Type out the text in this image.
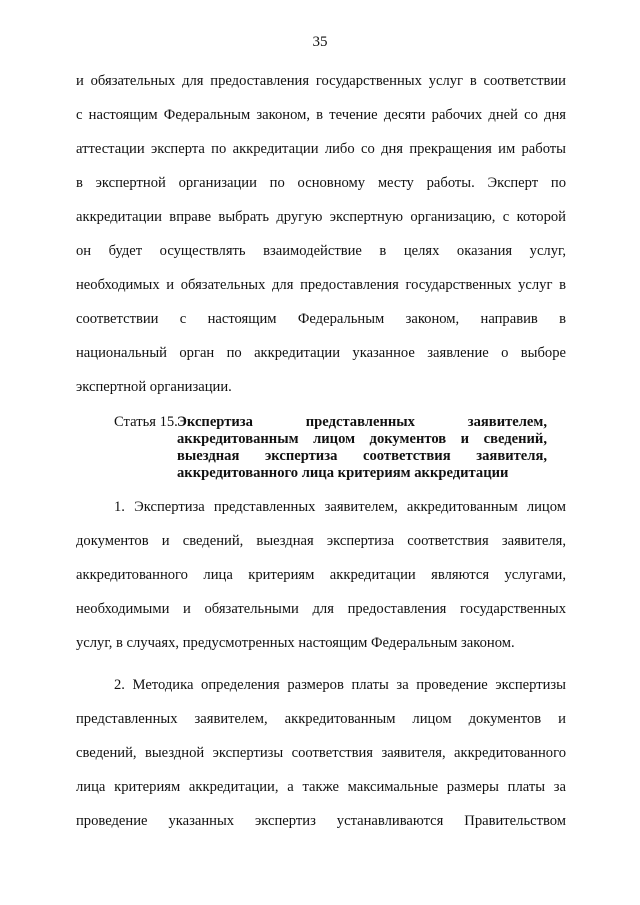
35

и обязательных для предоставления государственных услуг в соответствии
с настоящим Федеральным законом, в течение десяти рабочих дней со дня
аттестации эксперта по аккредитации либо со дня прекращения им работы
в экспертной организации по основному месту работы. Эксперт по
аккредитации вправе выбрать другую экспертную организацию, с которой
он будет осуществлять взаимодействие в целях оказания услуг,
необходимых и обязательных для предоставления государственных услуг в
соответствии с настоящим Федеральным законом, направив в
национальный орган по аккредитации указанное заявление о выборе
экспертной организации.

Статья 15. Экспертиза представленных заявителем,
аккредитованным лицом документов и сведений,
выездная экспертиза соответствия заявителя,
аккредитованного лица критериям аккредитации

1. Экспертиза представленных заявителем, аккредитованным лицом
документов и сведений, выездная экспертиза соответствия заявителя,
аккредитованного лица критериям аккредитации являются услугами,
необходимыми и обязательными для предоставления государственных
услуг, в случаях, предусмотренных настоящим Федеральным законом.

2. Методика определения размеров платы за проведение экспертизы
представленных заявителем, аккредитованным лицом документов и
сведений, выездной экспертизы соответствия заявителя, аккредитованного
лица критериям аккредитации, а также максимальные размеры платы за
проведение указанных экспертиз устанавливаются Правительством
